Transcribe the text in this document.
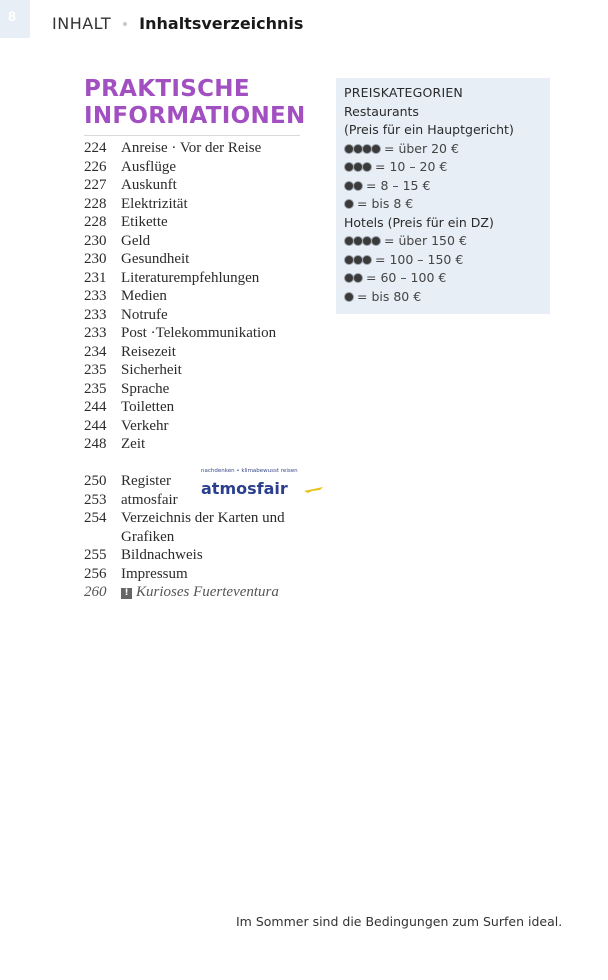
8 INHALT Inhaltsverzeichnis
PRAKTISCHE
INFORMATIONEN
224 Anreise · Vor der Reise
226 Ausflüge
227 Auskunft
228 Elektrizität
228 Etikette
230 Geld
230 Gesundheit
231 Literaturempfehlungen
233 Medien
233 Notrufe
233 Post ·Telekommunikation
234 Reisezeit
235 Sicherheit
235 Sprache
244 Toiletten
244 Verkehr
248 Zeit
250 Register
253 atmosfair
254 Verzeichnis der Karten und
Grafiken
255 Bildnachweis
256 Impressum
260	! Kurioses Fuerteventura
nachdenken • klimabewusst reisen
atmosfair
PREISKATEGORIEN
Restaurants
(Preis für ein Hauptgericht)
= über 20 €
= 10 – 20 €
= 8 – 15 €
= bis 8 €
Hotels (Preis für ein DZ)
= über 150 €
= 100 – 150 €
= 60 – 100 €
= bis 80 €
Im Sommer sind die Bedingungen zum Surfen ideal.
